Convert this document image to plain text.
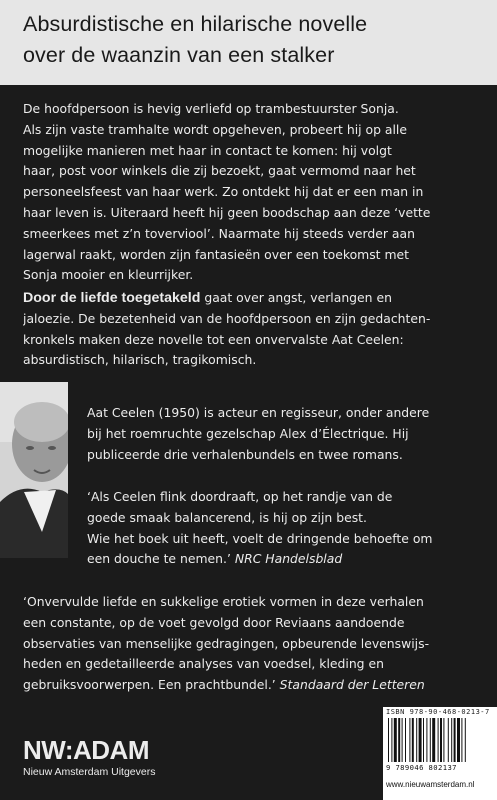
Absurdistische en hilarische novelle
over de waanzin van een stalker
De hoofdpersoon is hevig verliefd op trambestuurster Sonja.
Als zijn vaste tramhalte wordt opgeheven, probeert hij op alle
mogelijke manieren met haar in contact te komen: hij volgt
haar, post voor winkels die zij bezoekt, gaat vermomd naar het
personeelsfeest van haar werk. Zo ontdekt hij dat er een man in
haar leven is. Uiteraard heeft hij geen boodschap aan deze ‘vette
smeerkees met z’n tovervіool’. Naarmate hij steeds verder aan
lagerwal raakt, worden zijn fantasieën over een toekomst met
Sonja mooier en kleurrijker.
Door de liefde toegetakeld gaat over angst, verlangen en
jaloezie. De bezetenheid van de hoofdpersoon en zijn gedachten-
kronkels maken deze novelle tot een onvervalste Aat Ceelen:
absurdistisch, hilarisch, tragikomisch.
Aat Ceelen (1950) is acteur en regisseur, onder andere
bij het roemruchte gezelschap Alex d’Électrique. Hij
publiceerde drie verhalenbundels en twee romans.
‘Als Ceelen flink doordraaft, op het randje van de
goede smaak balancerend, is hij op zijn best.
Wie het boek uit heeft, voelt de dringende behoefte om
een douche te nemen.’ NRC Handelsblad
‘Onvervulde liefde en sukkelige erotiek vormen in deze verhalen
een constante, op de voet gevolgd door Reviaans aandoende
observaties van menselijke gedragingen, opbeurende levenswijs-
heden en gedetailleerde analyses van voedsel, kleding en
gebruiksvoorwerpen. Een prachtbundel.’ Standaard der Letteren
NW:ADAM
Nieuw Amsterdam Uitgevers
ISBN 978-90-468-0213-7
9 789046 802137
www.nieuwamsterdam.nl
